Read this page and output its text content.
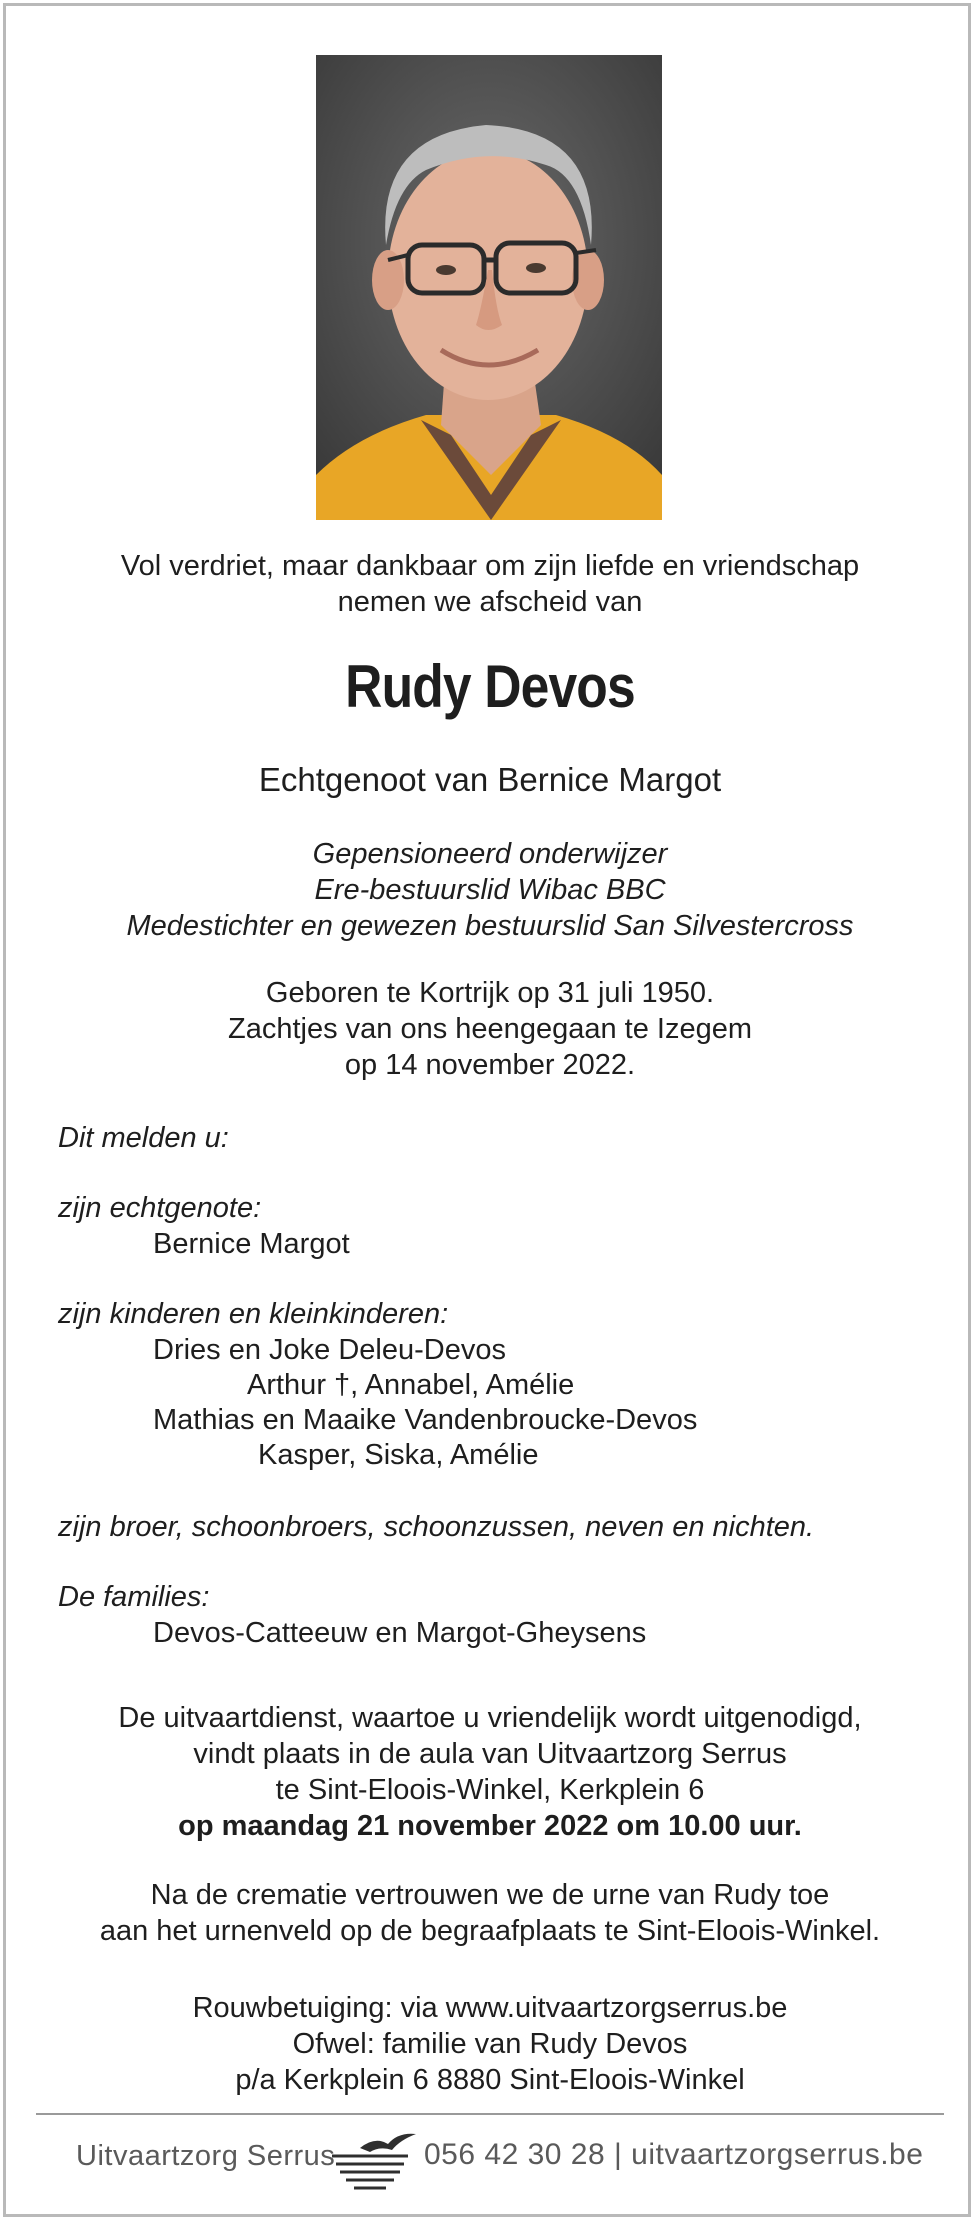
Vol verdriet, maar dankbaar om zijn liefde en vriendschap
nemen we afscheid van
Rudy Devos
Echtgenoot van Bernice Margot
Gepensioneerd onderwijzer
Ere-bestuurslid Wibac BBC
Medestichter en gewezen bestuurslid San Silvestercross
Geboren te Kortrijk op 31 juli 1950.
Zachtjes van ons heengegaan te Izegem
op 14 november 2022.
Dit melden u:
zijn echtgenote:
Bernice Margot
zijn kinderen en kleinkinderen:
Dries en Joke Deleu-Devos
Arthur †, Annabel, Amélie
Mathias en Maaike Vandenbroucke-Devos
Kasper, Siska, Amélie
zijn broer, schoonbroers, schoonzussen, neven en nichten.
De families:
Devos-Catteeuw en Margot-Gheysens
De uitvaartdienst, waartoe u vriendelijk wordt uitgenodigd,
vindt plaats in de aula van Uitvaartzorg Serrus
te Sint-Eloois-Winkel, Kerkplein 6
op maandag 21 november 2022 om 10.00 uur.
Na de crematie vertrouwen we de urne van Rudy toe
aan het urnenveld op de begraafplaats te Sint-Eloois-Winkel.
Rouwbetuiging: via www.uitvaartzorgserrus.be
Ofwel: familie van Rudy Devos
p/a Kerkplein 6 8880 Sint-Eloois-Winkel
Uitvaartzorg Serrus	056 42 30 28 | uitvaartzorgserrus.be
